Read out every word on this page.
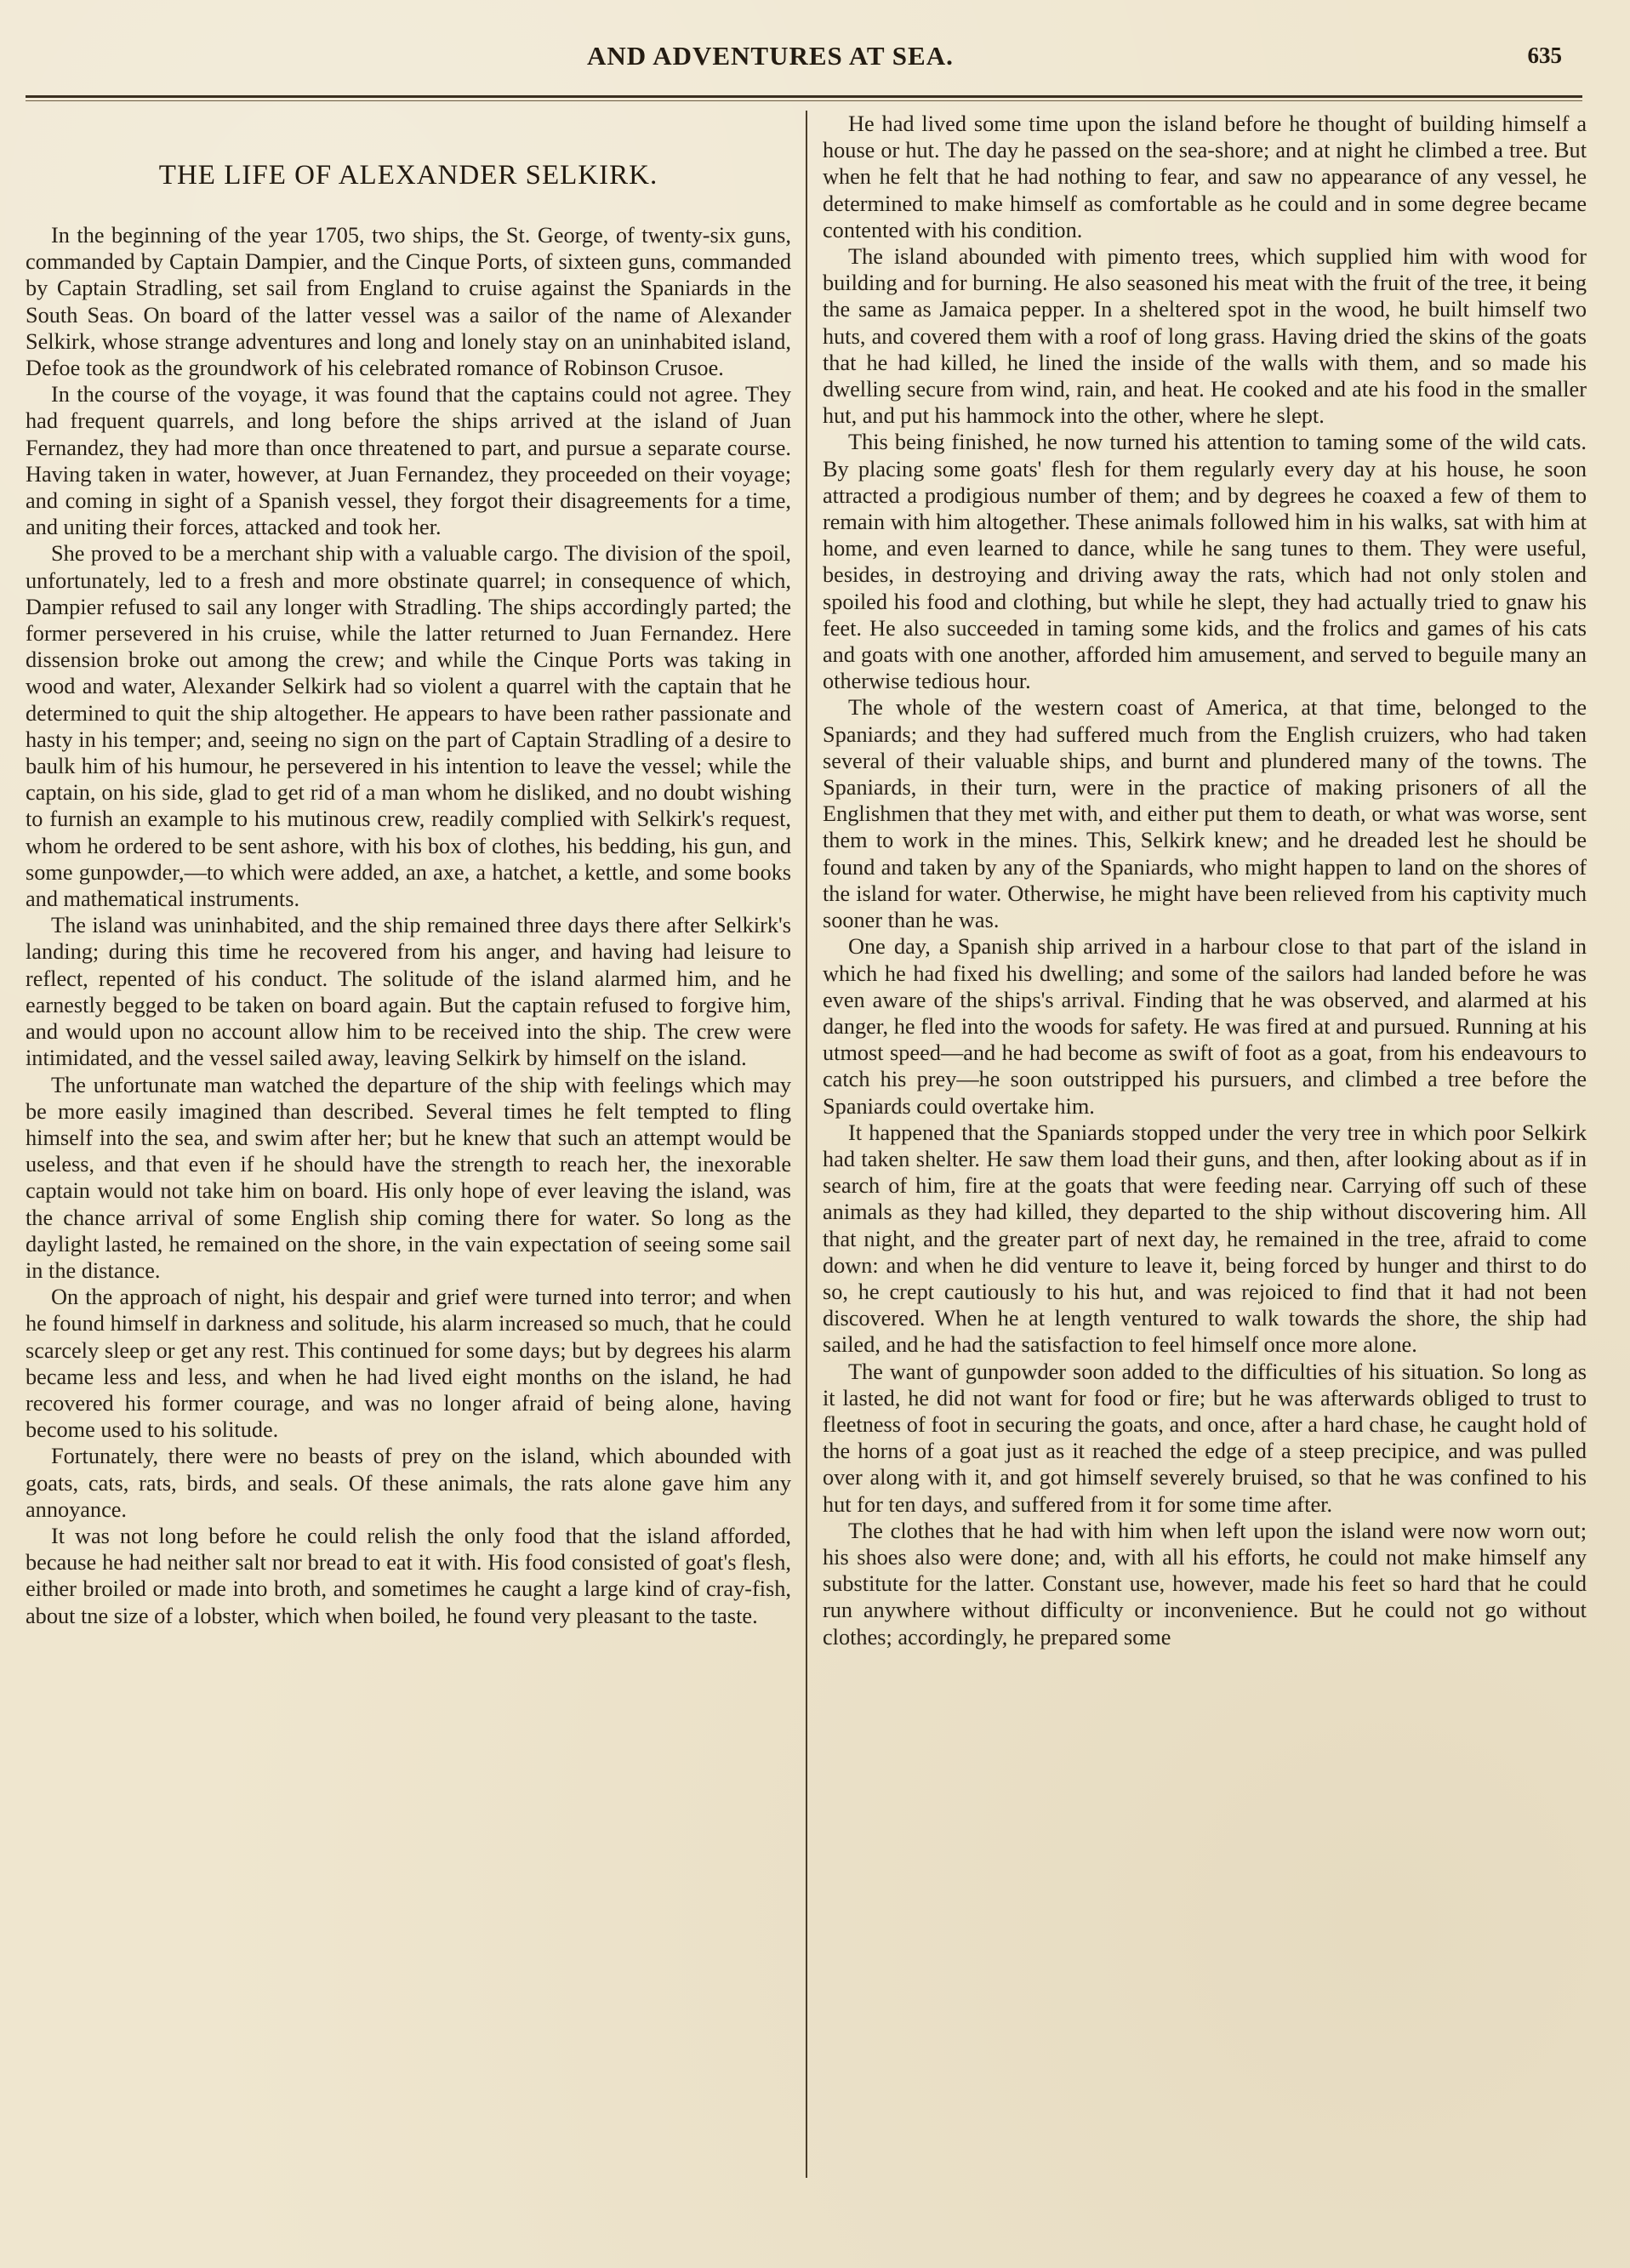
AND ADVENTURES AT SEA.	635
THE LIFE OF ALEXANDER SELKIRK.

In the beginning of the year 1705, two ships, the St. George, of twenty-six guns, commanded by Captain Dampier, and the Cinque Ports, of sixteen guns, commanded by Captain Stradling, set sail from England to cruise against the Spaniards in the South Seas. On board of the latter vessel was a sailor of the name of Alexander Selkirk, whose strange adventures and long and lonely stay on an uninhabited island, Defoe took as the groundwork of his celebrated romance of Robinson Crusoe.

In the course of the voyage, it was found that the captains could not agree. They had frequent quarrels, and long before the ships arrived at the island of Juan Fernandez, they had more than once threatened to part, and pursue a separate course. Having taken in water, however, at Juan Fernandez, they proceeded on their voyage; and coming in sight of a Spanish vessel, they forgot their disagreements for a time, and uniting their forces, attacked and took her.

She proved to be a merchant ship with a valuable cargo. The division of the spoil, unfortunately, led to a fresh and more obstinate quarrel; in consequence of which, Dampier refused to sail any longer with Stradling. The ships accordingly parted; the former persevered in his cruise, while the latter returned to Juan Fernandez. Here dissension broke out among the crew; and while the Cinque Ports was taking in wood and water, Alexander Selkirk had so violent a quarrel with the captain that he determined to quit the ship altogether. He appears to have been rather passionate and hasty in his temper; and, seeing no sign on the part of Captain Stradling of a desire to baulk him of his humour, he persevered in his intention to leave the vessel; while the captain, on his side, glad to get rid of a man whom he disliked, and no doubt wishing to furnish an example to his mutinous crew, readily complied with Selkirk's request, whom he ordered to be sent ashore, with his box of clothes, his bedding, his gun, and some gunpowder,—to which were added, an axe, a hatchet, a kettle, and some books and mathematical instruments.

The island was uninhabited, and the ship remained three days there after Selkirk's landing; during this time he recovered from his anger, and having had leisure to reflect, repented of his conduct. The solitude of the island alarmed him, and he earnestly begged to be taken on board again. But the captain refused to forgive him, and would upon no account allow him to be received into the ship. The crew were intimidated, and the vessel sailed away, leaving Selkirk by himself on the island.

The unfortunate man watched the departure of the ship with feelings which may be more easily imagined than described. Several times he felt tempted to fling himself into the sea, and swim after her; but he knew that such an attempt would be useless, and that even if he should have the strength to reach her, the inexorable captain would not take him on board. His only hope of ever leaving the island, was the chance arrival of some English ship coming there for water. So long as the daylight lasted, he remained on the shore, in the vain expectation of seeing some sail in the distance.

On the approach of night, his despair and grief were turned into terror; and when he found himself in darkness and solitude, his alarm increased so much, that he could scarcely sleep or get any rest. This continued for some days; but by degrees his alarm became less and less, and when he had lived eight months on the island, he had recovered his former courage, and was no longer afraid of being alone, having become used to his solitude.

Fortunately, there were no beasts of prey on the island, which abounded with goats, cats, rats, birds, and seals. Of these animals, the rats alone gave him any annoyance.

It was not long before he could relish the only food that the island afforded, because he had neither salt nor bread to eat it with. His food consisted of goat's flesh, either broiled or made into broth, and sometimes he caught a large kind of cray-fish, about tne size of a lobster, which when boiled, he found very pleasant to the taste.

He had lived some time upon the island before he thought of building himself a house or hut. The day he passed on the sea-shore; and at night he climbed a tree. But when he felt that he had nothing to fear, and saw no appearance of any vessel, he determined to make himself as comfortable as he could and in some degree became contented with his condition.

The island abounded with pimento trees, which supplied him with wood for building and for burning. He also seasoned his meat with the fruit of the tree, it being the same as Jamaica pepper. In a sheltered spot in the wood, he built himself two huts, and covered them with a roof of long grass. Having dried the skins of the goats that he had killed, he lined the inside of the walls with them, and so made his dwelling secure from wind, rain, and heat. He cooked and ate his food in the smaller hut, and put his hammock into the other, where he slept.

This being finished, he now turned his attention to taming some of the wild cats. By placing some goats' flesh for them regularly every day at his house, he soon attracted a prodigious number of them; and by degrees he coaxed a few of them to remain with him altogether. These animals followed him in his walks, sat with him at home, and even learned to dance, while he sang tunes to them. They were useful, besides, in destroying and driving away the rats, which had not only stolen and spoiled his food and clothing, but while he slept, they had actually tried to gnaw his feet. He also succeeded in taming some kids, and the frolics and games of his cats and goats with one another, afforded him amusement, and served to beguile many an otherwise tedious hour.

The whole of the western coast of America, at that time, belonged to the Spaniards; and they had suffered much from the English cruizers, who had taken several of their valuable ships, and burnt and plundered many of the towns. The Spaniards, in their turn, were in the practice of making prisoners of all the Englishmen that they met with, and either put them to death, or what was worse, sent them to work in the mines. This, Selkirk knew; and he dreaded lest he should be found and taken by any of the Spaniards, who might happen to land on the shores of the island for water. Otherwise, he might have been relieved from his captivity much sooner than he was.

One day, a Spanish ship arrived in a harbour close to that part of the island in which he had fixed his dwelling; and some of the sailors had landed before he was even aware of the ships's arrival. Finding that he was observed, and alarmed at his danger, he fled into the woods for safety. He was fired at and pursued. Running at his utmost speed—and he had become as swift of foot as a goat, from his endeavours to catch his prey—he soon outstripped his pursuers, and climbed a tree before the Spaniards could overtake him.

It happened that the Spaniards stopped under the very tree in which poor Selkirk had taken shelter. He saw them load their guns, and then, after looking about as if in search of him, fire at the goats that were feeding near. Carrying off such of these animals as they had killed, they departed to the ship without discovering him. All that night, and the greater part of next day, he remained in the tree, afraid to come down: and when he did venture to leave it, being forced by hunger and thirst to do so, he crept cautiously to his hut, and was rejoiced to find that it had not been discovered. When he at length ventured to walk towards the shore, the ship had sailed, and he had the satisfaction to feel himself once more alone.

The want of gunpowder soon added to the difficulties of his situation. So long as it lasted, he did not want for food or fire; but he was afterwards obliged to trust to fleetness of foot in securing the goats, and once, after a hard chase, he caught hold of the horns of a goat just as it reached the edge of a steep precipice, and was pulled over along with it, and got himself severely bruised, so that he was confined to his hut for ten days, and suffered from it for some time after.

The clothes that he had with him when left upon the island were now worn out; his shoes also were done; and, with all his efforts, he could not make himself any substitute for the latter. Constant use, however, made his feet so hard that he could run anywhere without difficulty or inconvenience. But he could not go without clothes; accordingly, he prepared some
